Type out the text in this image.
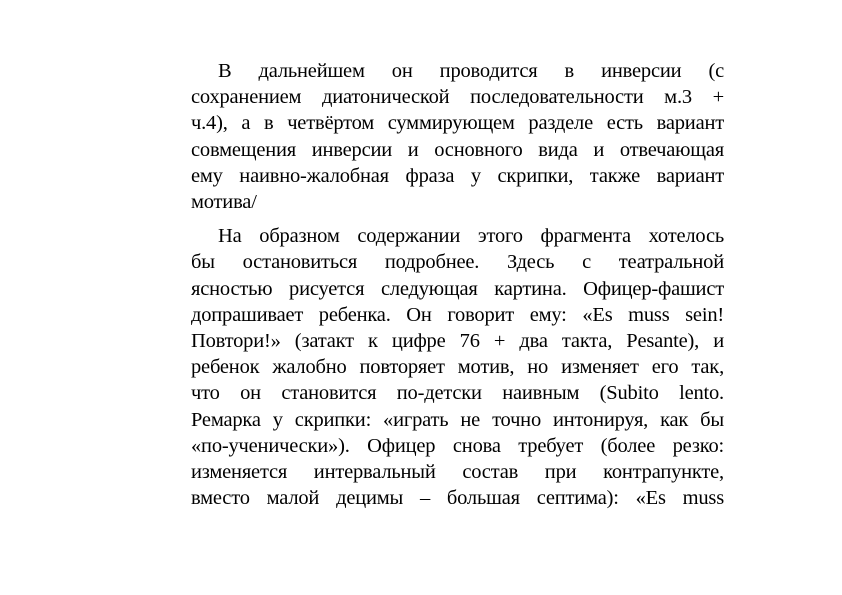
В дальнейшем он проводится в инверсии (с
сохранением диатонической последовательности м.3 +
ч.4), а в четвёртом суммирующем разделе есть вариант
совмещения инверсии и основного вида и отвечающая
ему наивно-жалобная фраза у скрипки, также вариант
мотива/
На образном содержании этого фрагмента хотелось
бы остановиться подробнее. Здесь с театральной
ясностью рисуется следующая картина. Офицер-фашист
допрашивает ребенка. Он говорит ему: «Es muss sein!
Повтори!» (затакт к цифре 76 + два такта, Pesante), и
ребенок жалобно повторяет мотив, но изменяет его так,
что он становится по-детски наивным (Subito lento.
Ремарка у скрипки: «играть не точно интонируя, как бы
«по-ученически»). Офицер снова требует (более резко:
изменяется интервальный состав при контрапункте,
вместо малой децимы – большая септима): «Es muss
